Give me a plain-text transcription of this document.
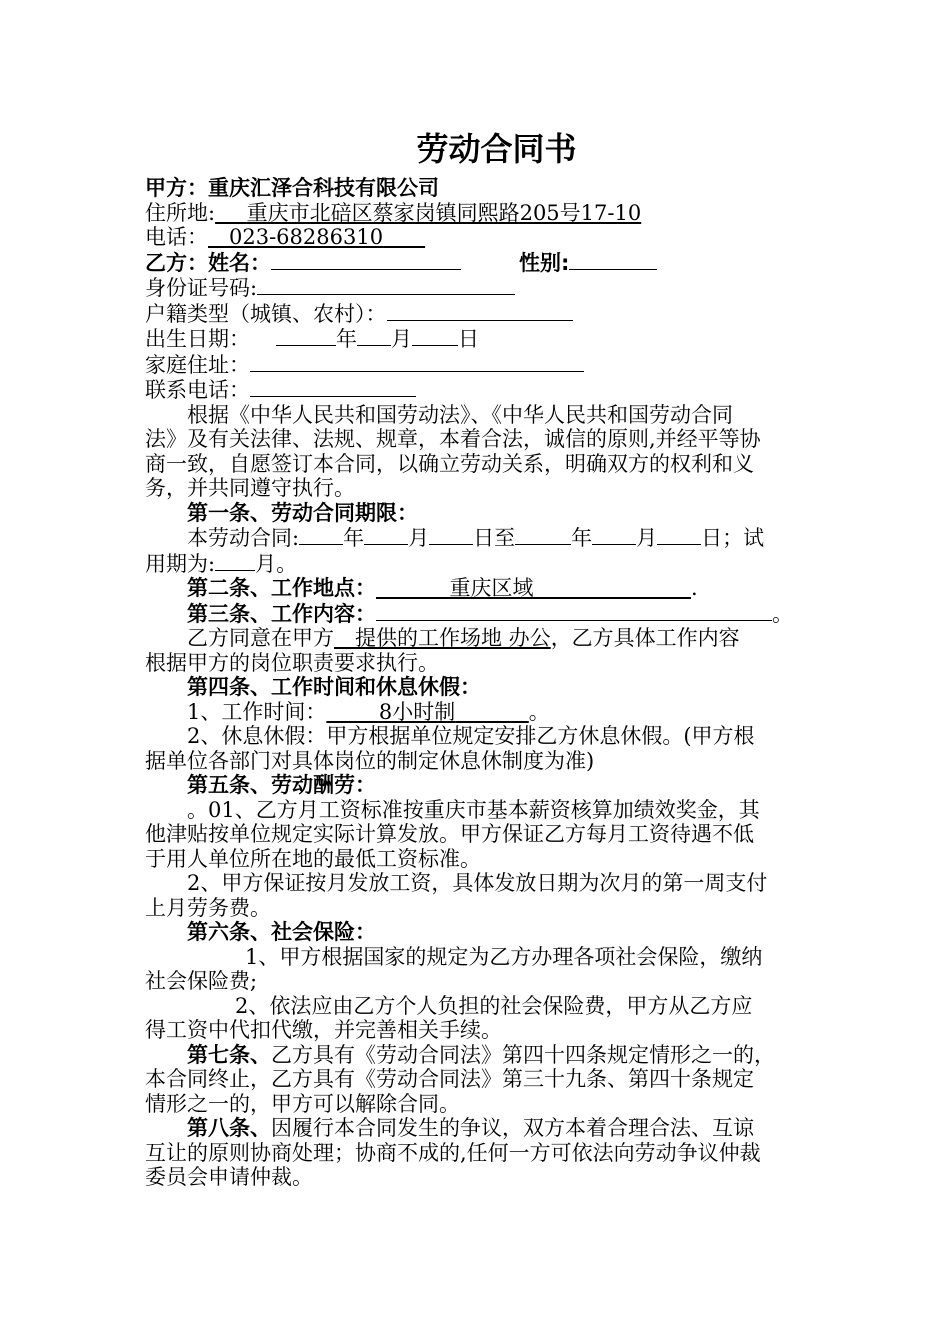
劳动合同书
甲方：重庆汇泽合科技有限公司
住所地:   重庆市北碚区蔡家岗镇同熙路205号17-10
电话：   023-68286310  
乙方：姓名：	性别:
身份证号码:
户籍类型（城镇、农村）：
出生日期：	年 月 日
家庭住址：
联系电话：
根据《中华人民共和国劳动法》、《中华人民共和国劳动合同
法》及有关法律、法规、规章，本着合法，诚信的原则,并经平等协
商一致，自愿签订本合同，以确立劳动关系，明确双方的权利和义
务，并共同遵守执行。
第一条、劳动合同期限：
本劳动合同: 年 月 日至	年 月 日；试
用期为: 月。
第二条、工作地点：    	重庆区域        	.
第三条、工作内容：	。
乙方同意在甲方  提供的工作场地 办公，乙方具体工作内容
根据甲方的岗位职责要求执行。
第四条、工作时间和休息休假：
1、工作时间：   	8小时制    	。
2、休息休假：甲方根据单位规定安排乙方休息休假。(甲方根
据单位各部门对具体岗位的制定休息休制度为准)
第五条、劳动酬劳：
。01、乙方月工资标准按重庆市基本薪资核算加绩效奖金，其
他津贴按单位规定实际计算发放。甲方保证乙方每月工资待遇不低
于用人单位所在地的最低工资标准。
2、甲方保证按月发放工资，具体发放日期为次月的第一周支付
上月劳务费。
第六条、社会保险：
1、甲方根据国家的规定为乙方办理各项社会保险，缴纳
社会保险费;
2、依法应由乙方个人负担的社会保险费，甲方从乙方应
得工资中代扣代缴，并完善相关手续。
第七条、乙方具有《劳动合同法》第四十四条规定情形之一的，
本合同终止，乙方具有《劳动合同法》第三十九条、第四十条规定
情形之一的，甲方可以解除合同。
第八条、因履行本合同发生的争议，双方本着合理合法、互谅
互让的原则协商处理；协商不成的,任何一方可依法向劳动争议仲裁
委员会申请仲裁。
